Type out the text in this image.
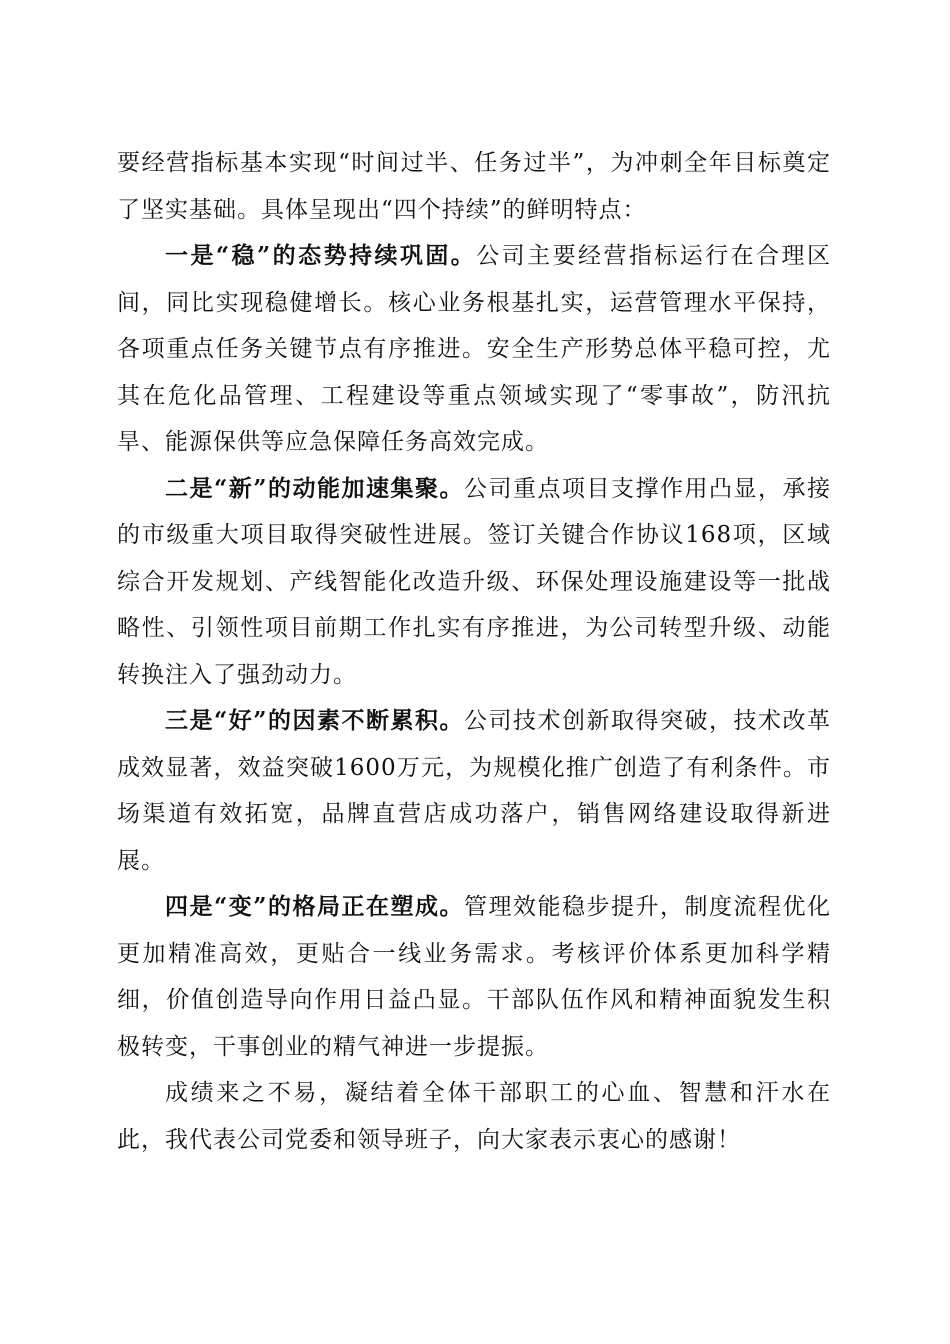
要经营指标基本实现“时间过半、任务过半”，为冲刺全年目标奠定了坚实基础。具体呈现出“四个持续”的鲜明特点：

一是“稳”的态势持续巩固。公司主要经营指标运行在合理区间，同比实现稳健增长。核心业务根基扎实，运营管理水平保持，各项重点任务关键节点有序推进。安全生产形势总体平稳可控，尤其在危化品管理、工程建设等重点领域实现了“零事故”，防汛抗旱、能源保供等应急保障任务高效完成。

二是“新”的动能加速集聚。公司重点项目支撑作用凸显，承接的市级重大项目取得突破性进展。签订关键合作协议168项，区域综合开发规划、产线智能化改造升级、环保处理设施建设等一批战略性、引领性项目前期工作扎实有序推进，为公司转型升级、动能转换注入了强劲动力。

三是“好”的因素不断累积。公司技术创新取得突破，技术改革成效显著，效益突破1600万元，为规模化推广创造了有利条件。市场渠道有效拓宽，品牌直营店成功落户，销售网络建设取得新进展。

四是“变”的格局正在塑成。管理效能稳步提升，制度流程优化更加精准高效，更贴合一线业务需求。考核评价体系更加科学精细，价值创造导向作用日益凸显。干部队伍作风和精神面貌发生积极转变，干事创业的精气神进一步提振。

成绩来之不易，凝结着全体干部职工的心血、智慧和汗水在此，我代表公司党委和领导班子，向大家表示衷心的感谢！
